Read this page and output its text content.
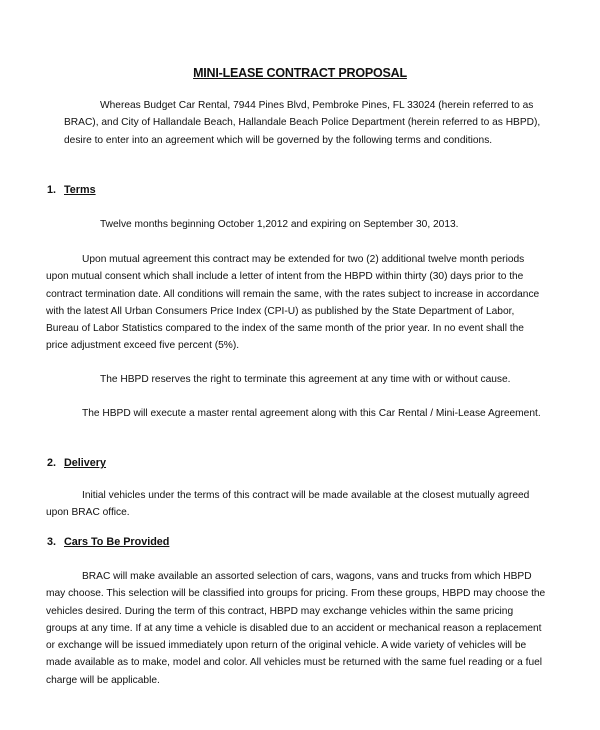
MINI-LEASE CONTRACT PROPOSAL

Whereas Budget Car Rental, 7944 Pines Blvd, Pembroke Pines, FL 33024 (herein referred to as BRAC), and City of Hallandale Beach, Hallandale Beach Police Department (herein referred to as HBPD), desire to enter into an agreement which will be governed by the following terms and conditions.

1. Terms

Twelve months beginning October 1,2012 and expiring on September 30, 2013.

Upon mutual agreement this contract may be extended for two (2) additional twelve month periods upon mutual consent which shall include a letter of intent from the HBPD within thirty (30) days prior to the contract termination date. All conditions will remain the same, with the rates subject to increase in accordance with the latest All Urban Consumers Price Index (CPI-U) as published by the State Department of Labor, Bureau of Labor Statistics compared to the index of the same month of the prior year. In no event shall the price adjustment exceed five percent (5%).

The HBPD reserves the right to terminate this agreement at any time with or without cause.

The HBPD will execute a master rental agreement along with this Car Rental / Mini-Lease Agreement.

2. Delivery

Initial vehicles under the terms of this contract will be made available at the closest mutually agreed upon BRAC office.

3. Cars To Be Provided

BRAC will make available an assorted selection of cars, wagons, vans and trucks from which HBPD may choose. This selection will be classified into groups for pricing. From these groups, HBPD may choose the vehicles desired. During the term of this contract, HBPD may exchange vehicles within the same pricing groups at any time. If at any time a vehicle is disabled due to an accident or mechanical reason a replacement or exchange will be issued immediately upon return of the original vehicle. A wide variety of vehicles will be made available as to make, model and color. All vehicles must be returned with the same fuel reading or a fuel charge will be applicable.
